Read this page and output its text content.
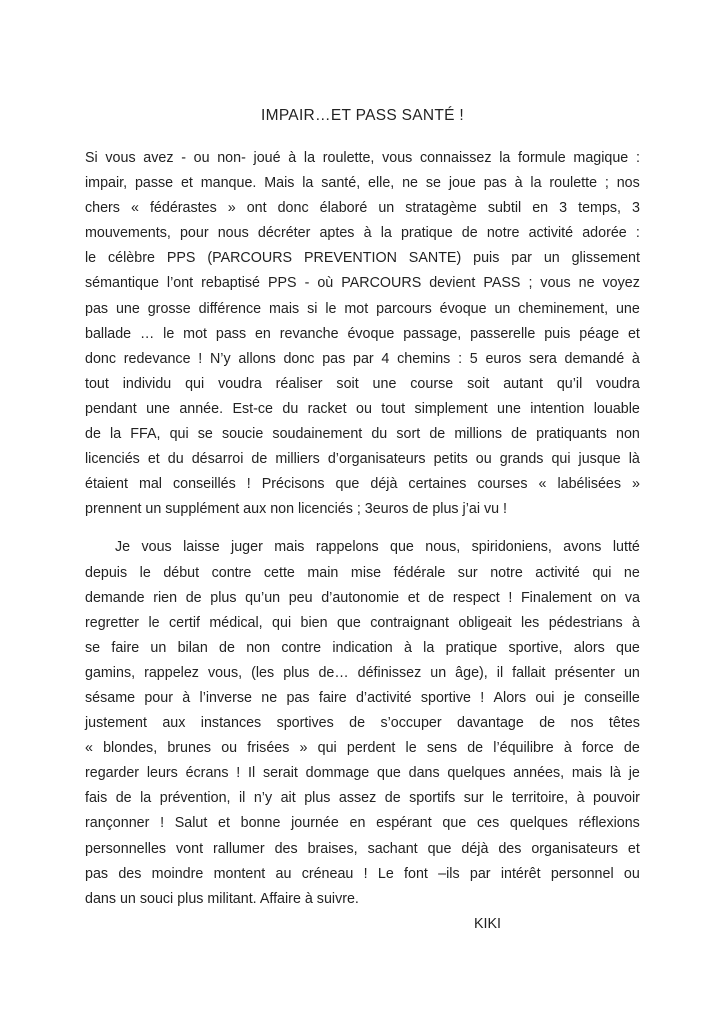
IMPAIR…ET PASS SANTÉ !
Si vous avez - ou non- joué à la roulette, vous connaissez la formule magique :
impair, passe et manque. Mais la santé, elle, ne se joue pas à la roulette ; nos
chers « fédérastes » ont donc élaboré un stratagème subtil en 3 temps, 3
mouvements, pour nous décréter aptes à la pratique de notre activité adorée :
le célèbre PPS (PARCOURS PREVENTION SANTE) puis par un glissement
sémantique l’ont rebaptisé PPS - où PARCOURS devient PASS ; vous ne voyez
pas une grosse différence mais si le mot parcours évoque un cheminement, une
ballade … le mot pass en revanche évoque passage, passerelle puis péage et
donc redevance ! N’y allons donc pas par 4 chemins : 5 euros sera demandé à
tout individu qui voudra réaliser soit une course soit autant qu’il voudra
pendant une année. Est-ce du racket ou tout simplement une intention louable
de la FFA, qui se soucie soudainement du sort de millions de pratiquants non
licenciés et du désarroi de milliers d’organisateurs petits ou grands qui jusque là
étaient mal conseillés ! Précisons que déjà certaines courses « labélisées »
prennent un supplément aux non licenciés ; 3euros de plus j’ai vu !
Je vous laisse juger mais rappelons que nous, spiridoniens, avons lutté
depuis le début contre cette main mise fédérale sur notre activité qui ne
demande rien de plus qu’un peu d’autonomie et de respect ! Finalement on va
regretter le certif médical, qui bien que contraignant obligeait les pédestrians à
se faire un bilan de non contre indication à la pratique sportive, alors que
gamins, rappelez vous, (les plus de… définissez un âge), il fallait présenter un
sésame pour à l’inverse ne pas faire d’activité sportive ! Alors oui je conseille
justement aux instances sportives de s’occuper davantage de nos têtes
« blondes, brunes ou frisées » qui perdent le sens de l’équilibre à force de
regarder leurs écrans ! Il serait dommage que dans quelques années, mais là je
fais de la prévention, il n’y ait plus assez de sportifs sur le territoire, à pouvoir
rançonner ! Salut et bonne journée en espérant que ces quelques réflexions
personnelles vont rallumer des braises, sachant que déjà des organisateurs et
pas des moindre montent au créneau ! Le font –ils par intérêt personnel ou
dans un souci plus militant. Affaire à suivre.
KIKI
